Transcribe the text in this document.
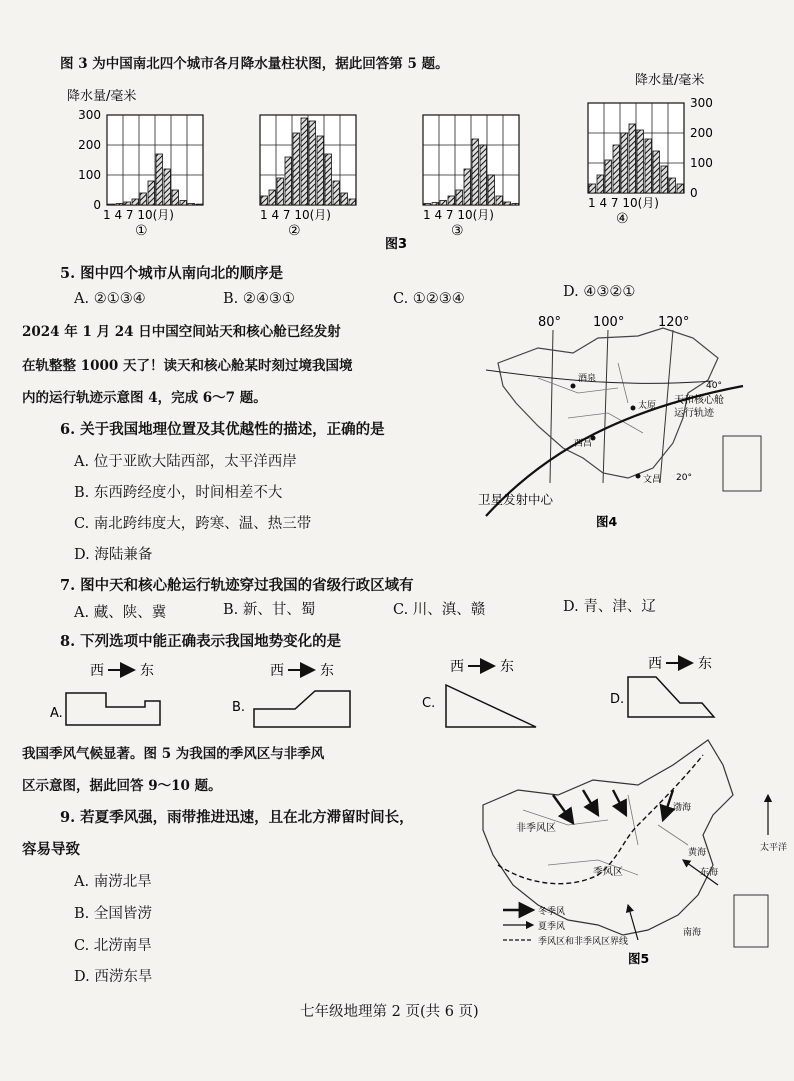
图 3 为中国南北四个城市各月降水量柱状图，据此回答第 5 题。
降水量/毫米
降水量/毫米
300
200
100
0
1 4 7 10(月)
①
1 4 7 10(月)
②
1 4 7 10(月)
③
300
200
100
0
1 4 7 10(月)
④
图3
5. 图中四个城市从南向北的顺序是
A. ②①③④	B. ②④③①	C. ①②③④	D. ④③②①
2024 年 1 月 24 日中国空间站天和核心舱已经发射
在轨整整 1000 天了！读天和核心舱某时刻过境我国境
内的运行轨迹示意图 4，完成 6～7 题。
80° 100°	120°
40°
20°
酒泉
太原
西昌
文昌
天和核心舱
运行轨迹
卫星发射中心
图4
6. 关于我国地理位置及其优越性的描述，正确的是
A. 位于亚欧大陆西部，太平洋西岸
B. 东西跨经度小，时间相差不大
C. 南北跨纬度大，跨寒、温、热三带
D. 海陆兼备
7. 图中天和核心舱运行轨迹穿过我国的省级行政区域有
A. 藏、陕、冀	B. 新、甘、蜀	C. 川、滇、赣	D. 青、津、辽
8. 下列选项中能正确表示我国地势变化的是
西	东
A.
西	东
B.
西	东
C.
西	东
D.
我国季风气候显著。图 5 为我国的季风区与非季风
区示意图，据此回答 9～10 题。
非季风区
季风区
渤海
黄海
东海
南海
太平洋
冬季风
夏季风
季风区和非季风区界线
图5
9. 若夏季风强，雨带推进迅速，且在北方滞留时间长，
容易导致
A. 南涝北旱
B. 全国皆涝
C. 北涝南旱
D. 西涝东旱
七年级地理第 2 页(共 6 页)
